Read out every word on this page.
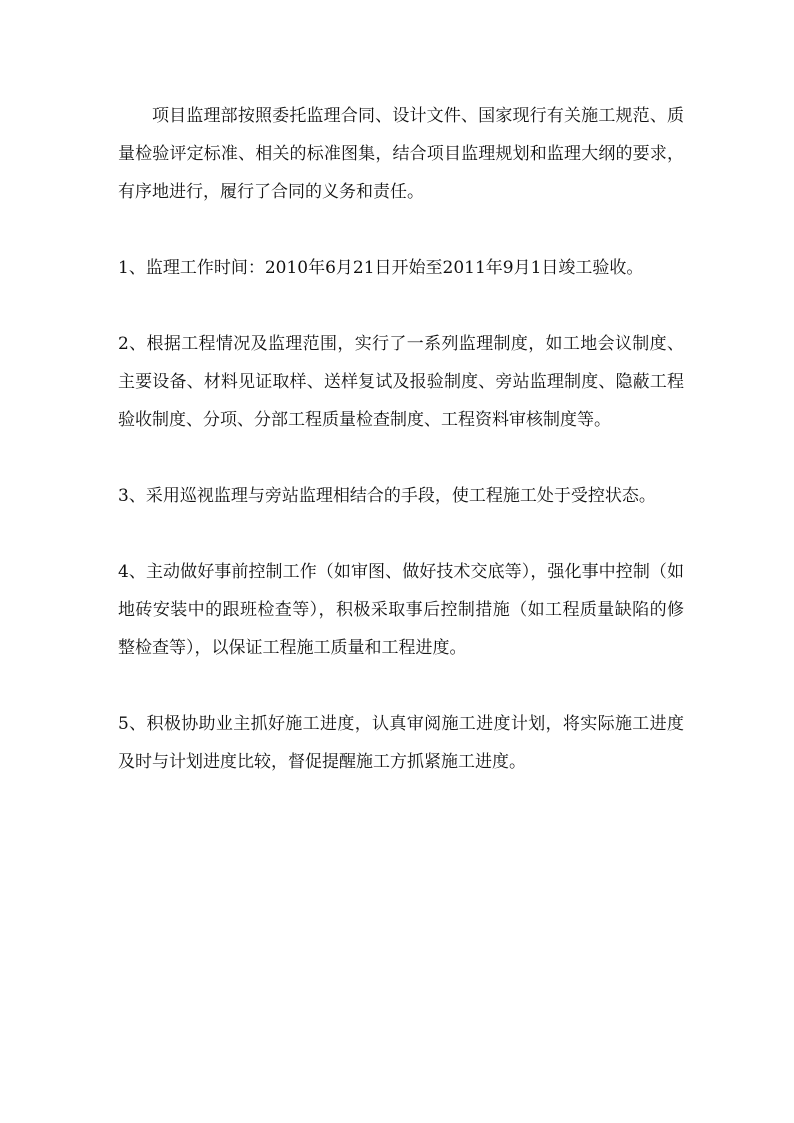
项目监理部按照委托监理合同、设计文件、国家现行有关施工规范、质量检验评定标准、相关的标准图集，结合项目监理规划和监理大纲的要求，有序地进行，履行了合同的义务和责任。

1、监理工作时间：2010年6月21日开始至2011年9月1日竣工验收。

2、根据工程情况及监理范围，实行了一系列监理制度，如工地会议制度、主要设备、材料见证取样、送样复试及报验制度、旁站监理制度、隐蔽工程验收制度、分项、分部工程质量检查制度、工程资料审核制度等。

3、采用巡视监理与旁站监理相结合的手段，使工程施工处于受控状态。

4、主动做好事前控制工作（如审图、做好技术交底等），强化事中控制（如地砖安装中的跟班检查等），积极采取事后控制措施（如工程质量缺陷的修整检查等），以保证工程施工质量和工程进度。

5、积极协助业主抓好施工进度，认真审阅施工进度计划，将实际施工进度及时与计划进度比较，督促提醒施工方抓紧施工进度。
